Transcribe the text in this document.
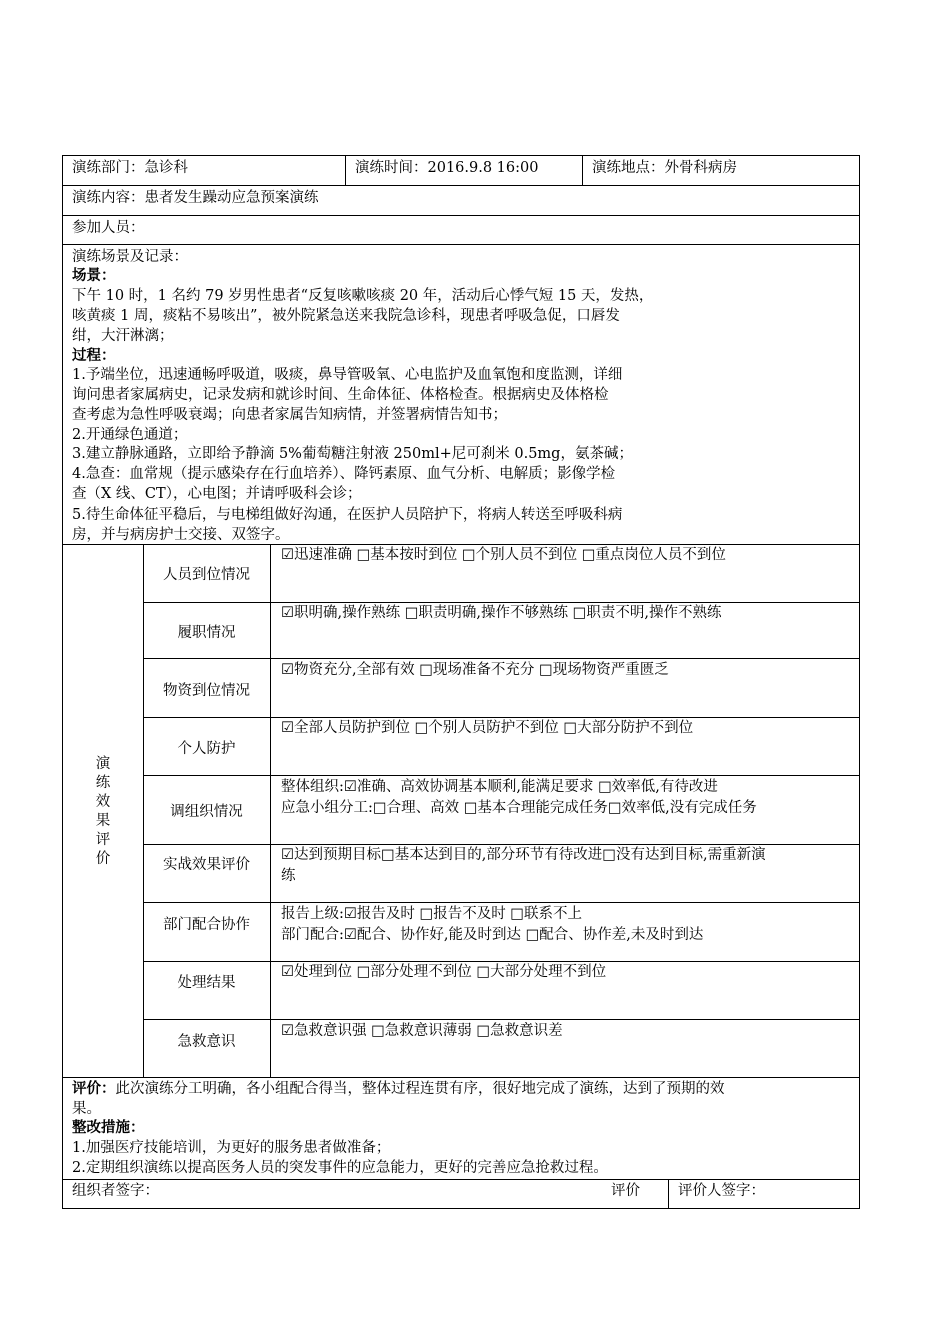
演练部门：急诊科	演练时间：2016.9.8 16:00	演练地点：外骨科病房
演练内容：患者发生躁动应急预案演练
参加人员：
演练场景及记录：
场景：
下午 10 时，1 名约 79 岁男性患者“反复咳嗽咳痰 20 年，活动后心悸气短 15 天，发热，
咳黄痰 1 周，痰粘不易咳出”，被外院紧急送来我院急诊科，现患者呼吸急促，口唇发
绀，大汗淋漓；
过程：
1.予端坐位，迅速通畅呼吸道，吸痰，鼻导管吸氧、心电监护及血氧饱和度监测，详细
询问患者家属病史，记录发病和就诊时间、生命体征、体格检查。根据病史及体格检
查考虑为急性呼吸衰竭；向患者家属告知病情，并签署病情告知书；
2.开通绿色通道；
3.建立静脉通路，立即给予静滴 5%葡萄糖注射液 250ml+尼可刹米 0.5mg，氨茶碱；
4.急查：血常规（提示感染存在行血培养）、降钙素原、血气分析、电解质；影像学检
查（X 线、CT），心电图；并请呼吸科会诊；
5.待生命体征平稳后，与电梯组做好沟通，在医护人员陪护下，将病人转送至呼吸科病
房，并与病房护士交接、双签字。
演练效果评价
人员到位情况
☑迅速准确 □基本按时到位 □个别人员不到位 □重点岗位人员不到位
履职情况
☑职明确,操作熟练 □职责明确,操作不够熟练 □职责不明,操作不熟练
物资到位情况
☑物资充分,全部有效 □现场准备不充分 □现场物资严重匮乏
个人防护
☑全部人员防护到位 □个别人员防护不到位 □大部分防护不到位
调组织情况
整体组织:☑准确、高效协调基本顺利,能满足要求 □效率低,有待改进
应急小组分工:□合理、高效 □基本合理能完成任务□效率低,没有完成任务
实战效果评价
☑达到预期目标□基本达到目的,部分环节有待改进□没有达到目标,需重新演
练
部门配合协作
报告上级:☑报告及时 □报告不及时 □联系不上
部门配合:☑配合、协作好,能及时到达 □配合、协作差,未及时到达
处理结果
☑处理到位 □部分处理不到位 □大部分处理不到位
急救意识
☑急救意识强 □急救意识薄弱 □急救意识差
评价：此次演练分工明确，各小组配合得当，整体过程连贯有序，很好地完成了演练，达到了预期的效
果。
整改措施：
1.加强医疗技能培训，为更好的服务患者做准备；
2.定期组织演练以提高医务人员的突发事件的应急能力，更好的完善应急抢救过程。
组织者签字：	评价	评价人签字：
